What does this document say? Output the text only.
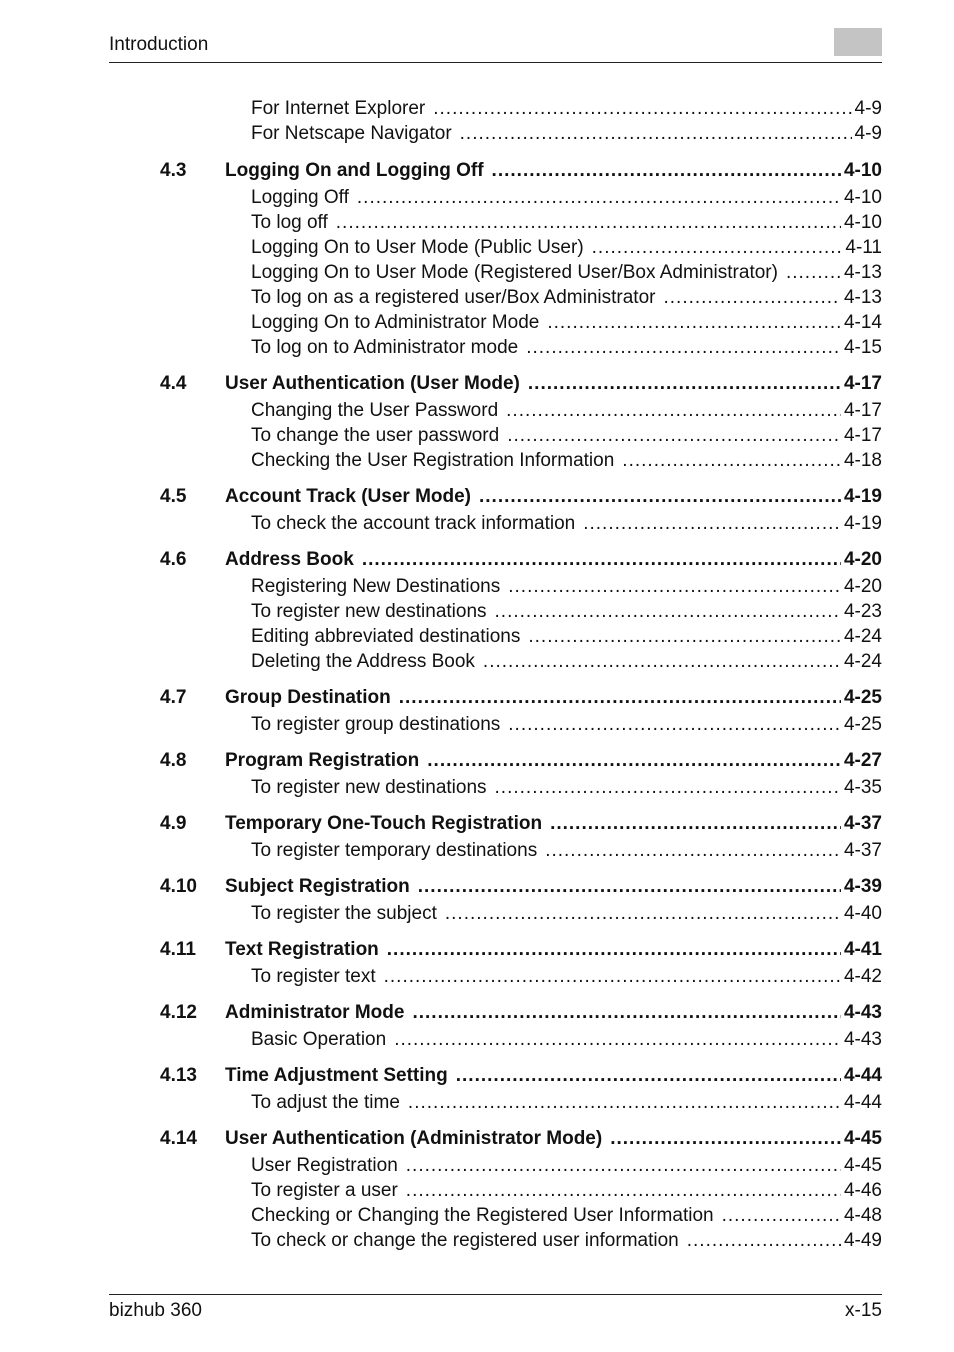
Introduction
For Internet Explorer .....	4-9
For Netscape Navigator .....	4-9
4.3	Logging On and Logging Off .....	4-10
Logging Off .....	4-10
To log off .....	4-10
Logging On to User Mode (Public User) .....	4-11
Logging On to User Mode (Registered User/Box Administrator) .....	4-13
To log on as a registered user/Box Administrator .....	4-13
Logging On to Administrator Mode .....	4-14
To log on to Administrator mode .....	4-15
4.4	User Authentication (User Mode) .....	4-17
Changing the User Password .....	4-17
To change the user password .....	4-17
Checking the User Registration Information .....	4-18
4.5	Account Track (User Mode) .....	4-19
To check the account track information .....	4-19
4.6	Address Book .....	4-20
Registering New Destinations .....	4-20
To register new destinations .....	4-23
Editing abbreviated destinations .....	4-24
Deleting the Address Book .....	4-24
4.7	Group Destination .....	4-25
To register group destinations .....	4-25
4.8	Program Registration .....	4-27
To register new destinations .....	4-35
4.9	Temporary One-Touch Registration .....	4-37
To register temporary destinations .....	4-37
4.10	Subject Registration .....	4-39
To register the subject .....	4-40
4.11	Text Registration .....	4-41
To register text .....	4-42
4.12	Administrator Mode .....	4-43
Basic Operation .....	4-43
4.13	Time Adjustment Setting .....	4-44
To adjust the time .....	4-44
4.14	User Authentication (Administrator Mode) .....	4-45
User Registration .....	4-45
To register a user .....	4-46
Checking or Changing the Registered User Information .....	4-48
To check or change the registered user information .....	4-49
bizhub 360	x-15
